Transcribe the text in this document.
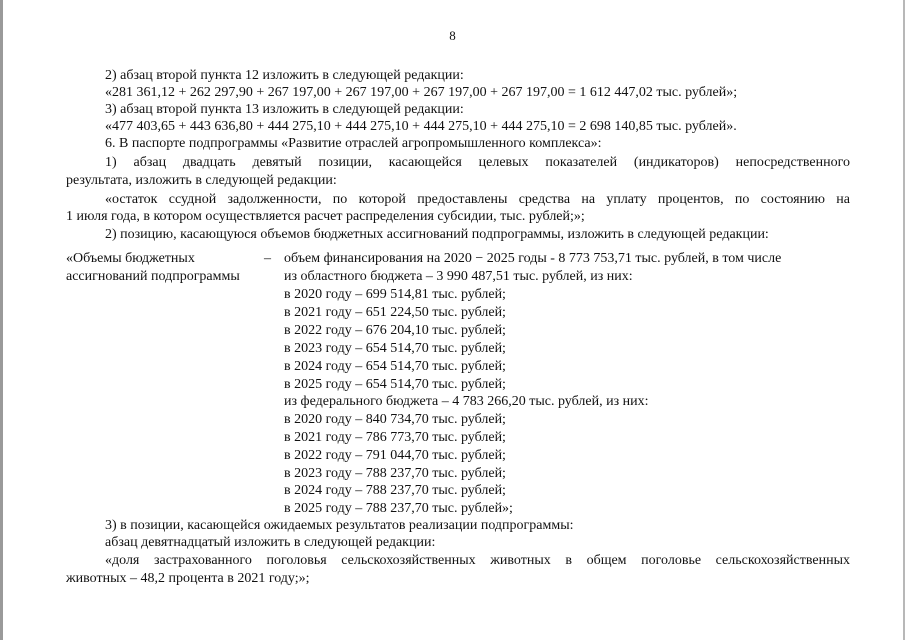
8
2) абзац второй пункта 12 изложить в следующей редакции:
«281 361,12 + 262 297,90 + 267 197,00 + 267 197,00 + 267 197,00 + 267 197,00 = 1 612 447,02 тыс. рублей»;
3) абзац второй пункта 13 изложить в следующей редакции:
«477 403,65 + 443 636,80 + 444 275,10 + 444 275,10 + 444 275,10 + 444 275,10 = 2 698 140,85 тыс. рублей».
6. В паспорте подпрограммы «Развитие отраслей агропромышленного комплекса»:
1) абзац двадцать девятый позиции, касающейся целевых показателей (индикаторов) непосредственного
результата, изложить в следующей редакции:
«остаток ссудной задолженности, по которой предоставлены средства на уплату процентов, по состоянию на
1 июля года, в котором осуществляется расчет распределения субсидии, тыс. рублей;»;
2) позицию, касающуюся объемов бюджетных ассигнований подпрограммы, изложить в следующей редакции:
«Объемы бюджетных
ассигнований подпрограммы
– объем финансирования на 2020 − 2025 годы - 8 773 753,71 тыс. рублей, в том числе
из областного бюджета – 3 990 487,51 тыс. рублей, из них:
в 2020 году – 699 514,81 тыс. рублей;
в 2021 году – 651 224,50 тыс. рублей;
в 2022 году – 676 204,10 тыс. рублей;
в 2023 году – 654 514,70 тыс. рублей;
в 2024 году – 654 514,70 тыс. рублей;
в 2025 году – 654 514,70 тыс. рублей;
из федерального бюджета – 4 783 266,20 тыс. рублей, из них:
в 2020 году – 840 734,70 тыс. рублей;
в 2021 году – 786 773,70 тыс. рублей;
в 2022 году – 791 044,70 тыс. рублей;
в 2023 году – 788 237,70 тыс. рублей;
в 2024 году – 788 237,70 тыс. рублей;
в 2025 году – 788 237,70 тыс. рублей»;
3) в позиции, касающейся ожидаемых результатов реализации подпрограммы:
абзац девятнадцатый изложить в следующей редакции:
«доля застрахованного поголовья сельскохозяйственных животных в общем поголовье сельскохозяйственных
животных – 48,2 процента в 2021 году;»;
